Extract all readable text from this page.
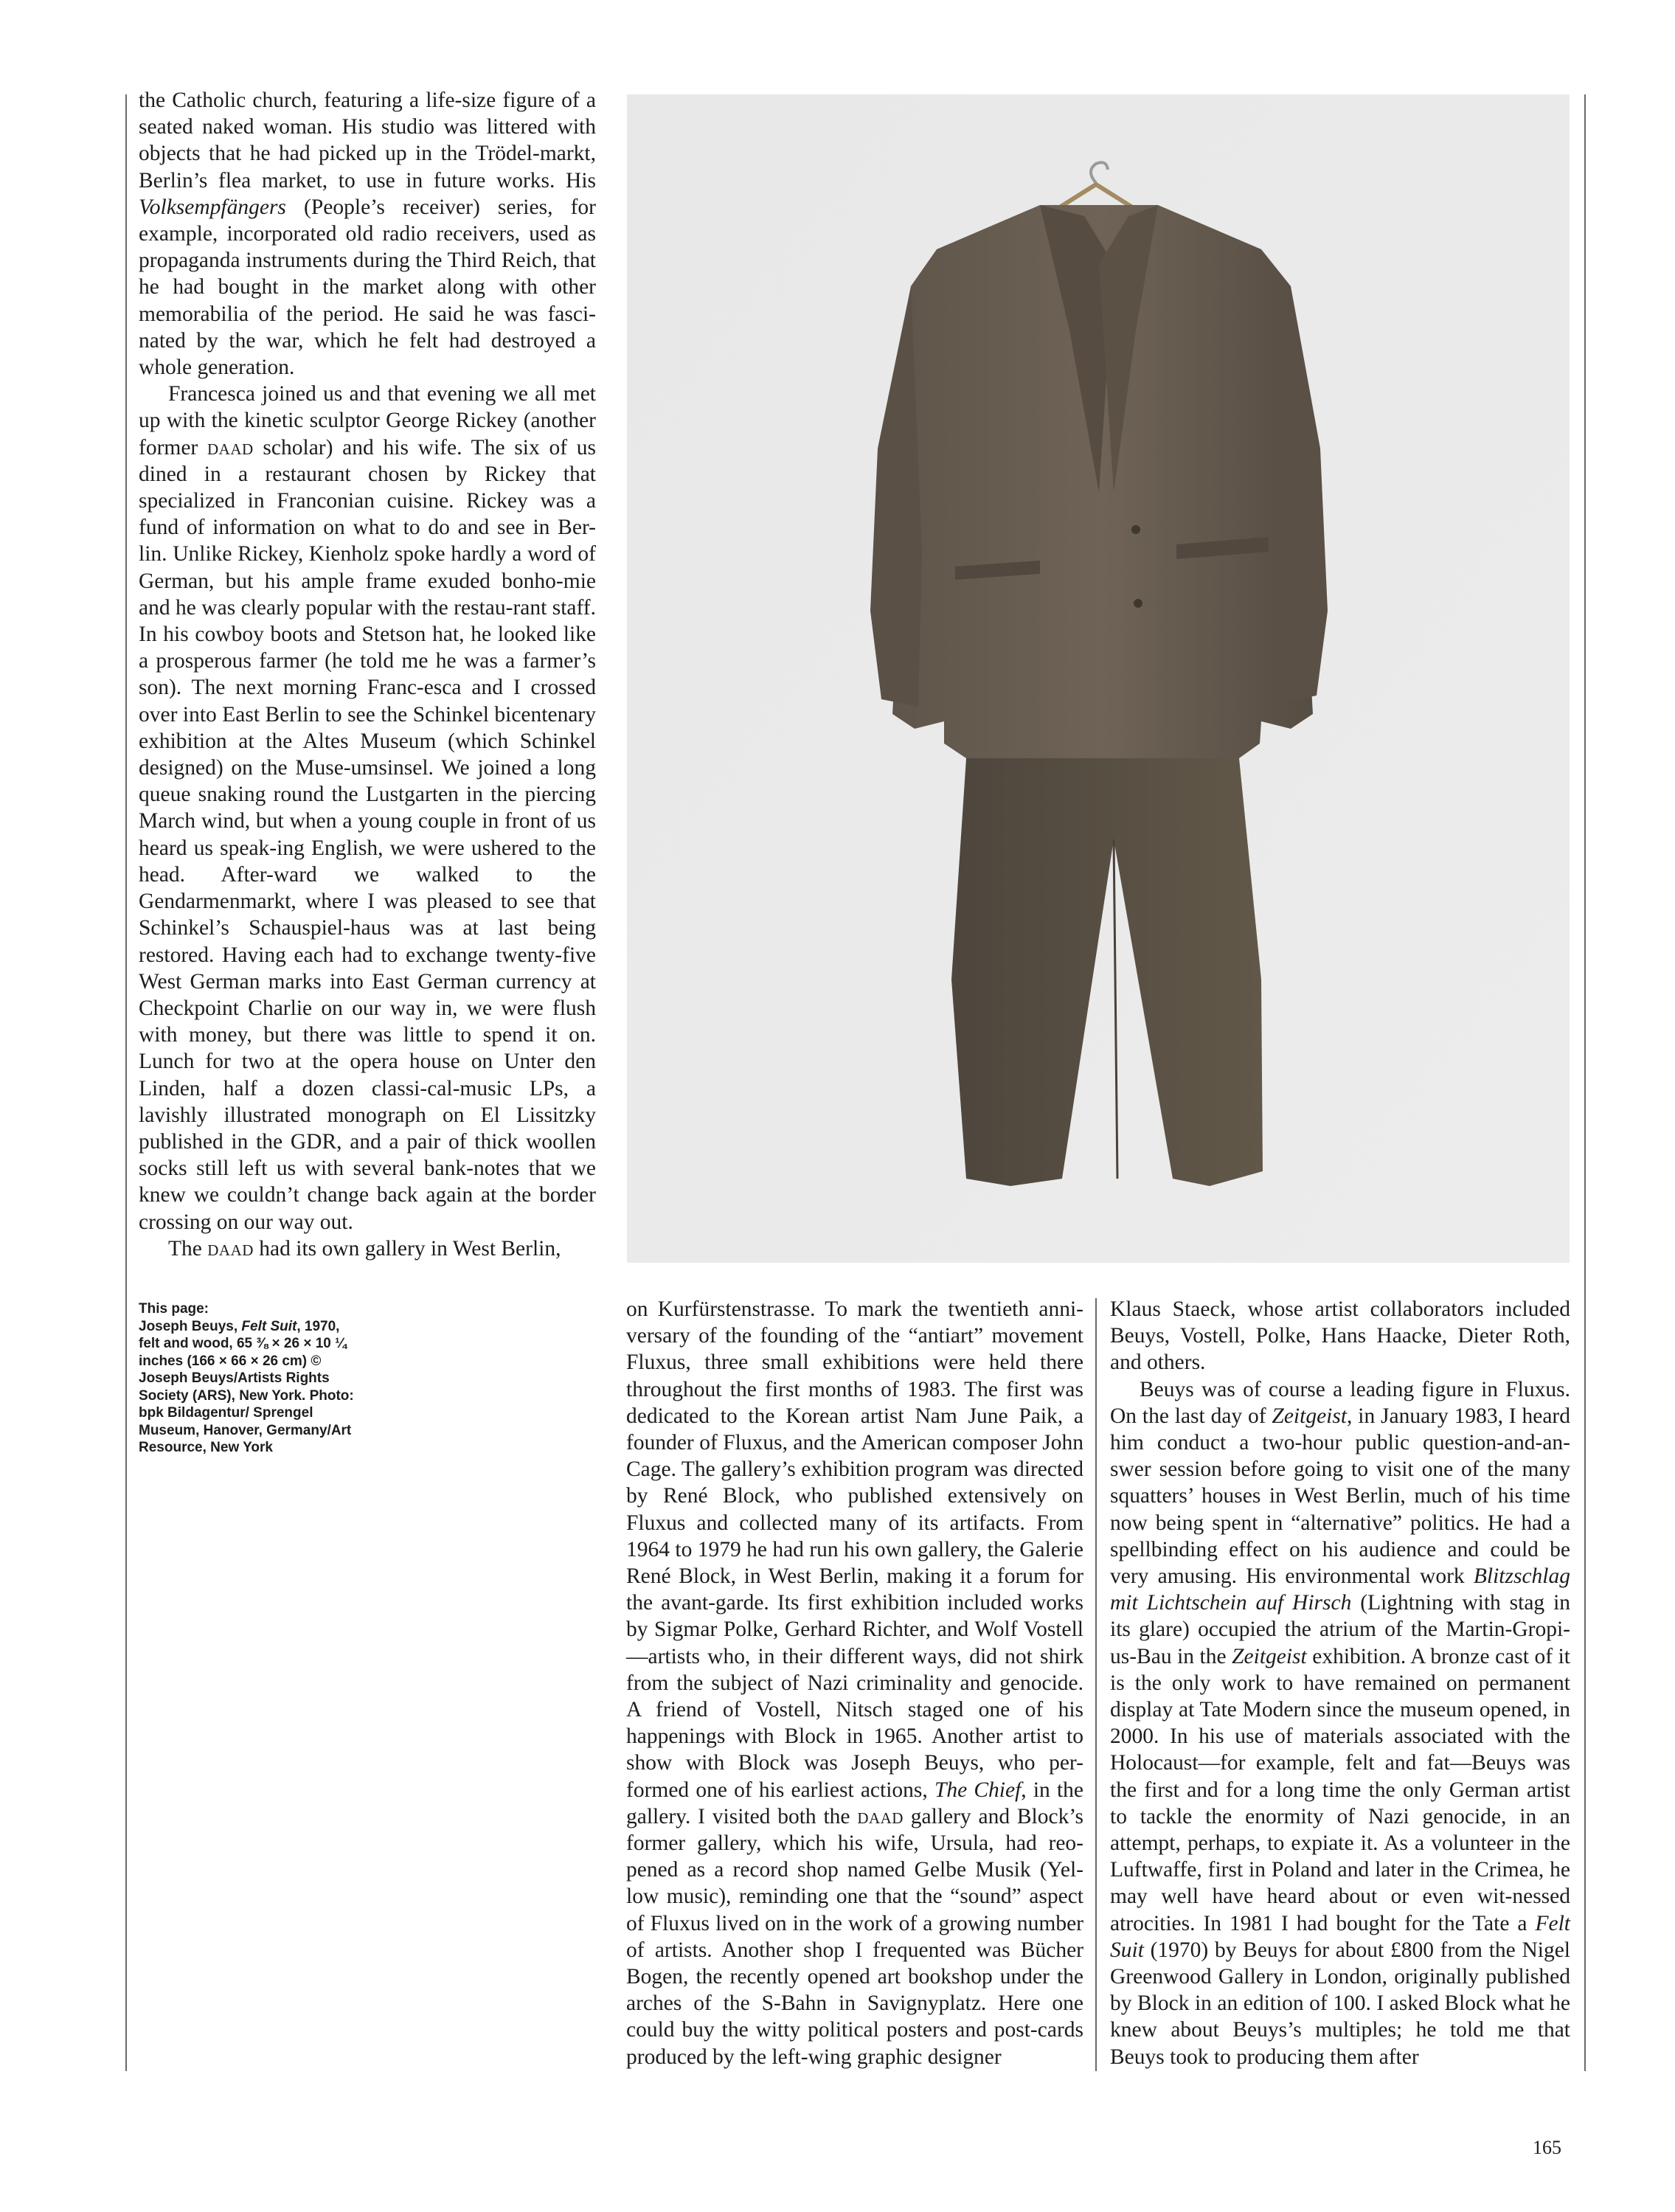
the Catholic church, featuring a life-size figure of a seated naked woman. His studio was littered with objects that he had picked up in the Trödel-markt, Berlin’s flea market, to use in future works. His Volksempfängers (People’s receiver) series, for example, incorporated old radio receivers, used as propaganda instruments during the Third Reich, that he had bought in the market along with other memorabilia of the period. He said he was fasci-nated by the war, which he felt had destroyed a whole generation.

Francesca joined us and that evening we all met up with the kinetic sculptor George Rickey (another former daad scholar) and his wife. The six of us dined in a restaurant chosen by Rickey that specialized in Franconian cuisine. Rickey was a fund of information on what to do and see in Ber-lin. Unlike Rickey, Kienholz spoke hardly a word of German, but his ample frame exuded bonho-mie and he was clearly popular with the restau-rant staff. In his cowboy boots and Stetson hat, he looked like a prosperous farmer (he told me he was a farmer’s son). The next morning Franc-esca and I crossed over into East Berlin to see the Schinkel bicentenary exhibition at the Altes Museum (which Schinkel designed) on the Muse-umsinsel. We joined a long queue snaking round the Lustgarten in the piercing March wind, but when a young couple in front of us heard us speak-ing English, we were ushered to the head. After-ward we walked to the Gendarmenmarkt, where I was pleased to see that Schinkel’s Schauspiel-haus was at last being restored. Having each had to exchange twenty-five West German marks into East German currency at Checkpoint Charlie on our way in, we were flush with money, but there was little to spend it on. Lunch for two at the opera house on Unter den Linden, half a dozen classi-cal-music LPs, a lavishly illustrated monograph on El Lissitzky published in the GDR, and a pair of thick woollen socks still left us with several bank-notes that we knew we couldn’t change back again at the border crossing on our way out.

The daad had its own gallery in West Berlin,

This page:
Joseph Beuys, Felt Suit, 1970, felt and wood, 65 ⅜ × 26 × 10 ¼ inches (166 × 66 × 26 cm) © Joseph Beuys/Artists Rights Society (ARS), New York. Photo: bpk Bildagentur/ Sprengel Museum, Hanover, Germany/Art Resource, New York

on Kurfürstenstrasse. To mark the twentieth anni-versary of the founding of the “antiart” movement Fluxus, three small exhibitions were held there throughout the first months of 1983. The first was dedicated to the Korean artist Nam June Paik, a founder of Fluxus, and the American composer John Cage. The gallery’s exhibition program was directed by René Block, who published extensively on Fluxus and collected many of its artifacts. From 1964 to 1979 he had run his own gallery, the Galerie René Block, in West Berlin, making it a forum for the avant-garde. Its first exhibition included works by Sigmar Polke, Gerhard Richter, and Wolf Vostell—artists who, in their different ways, did not shirk from the subject of Nazi criminality and genocide. A friend of Vostell, Nitsch staged one of his happenings with Block in 1965. Another artist to show with Block was Joseph Beuys, who per-formed one of his earliest actions, The Chief, in the gallery. I visited both the daad gallery and Block’s former gallery, which his wife, Ursula, had reo-pened as a record shop named Gelbe Musik (Yel-low music), reminding one that the “sound” aspect of Fluxus lived on in the work of a growing number of artists. Another shop I frequented was Bücher Bogen, the recently opened art bookshop under the arches of the S-Bahn in Savignyplatz. Here one could buy the witty political posters and post-cards produced by the left-wing graphic designer

Klaus Staeck, whose artist collaborators included Beuys, Vostell, Polke, Hans Haacke, Dieter Roth, and others.

Beuys was of course a leading figure in Fluxus. On the last day of Zeitgeist, in January 1983, I heard him conduct a two-hour public question-and-an-swer session before going to visit one of the many squatters’ houses in West Berlin, much of his time now being spent in “alternative” politics. He had a spellbinding effect on his audience and could be very amusing. His environmental work Blitzschlag mit Lichtschein auf Hirsch (Lightning with stag in its glare) occupied the atrium of the Martin-Gropi-us-Bau in the Zeitgeist exhibition. A bronze cast of it is the only work to have remained on permanent display at Tate Modern since the museum opened, in 2000. In his use of materials associated with the Holocaust—for example, felt and fat—Beuys was the first and for a long time the only German artist to tackle the enormity of Nazi genocide, in an attempt, perhaps, to expiate it. As a volunteer in the Luftwaffe, first in Poland and later in the Crimea, he may well have heard about or even wit-nessed atrocities. In 1981 I had bought for the Tate a Felt Suit (1970) by Beuys for about £800 from the Nigel Greenwood Gallery in London, originally published by Block in an edition of 100. I asked Block what he knew about Beuys’s multiples; he told me that Beuys took to producing them after

165
